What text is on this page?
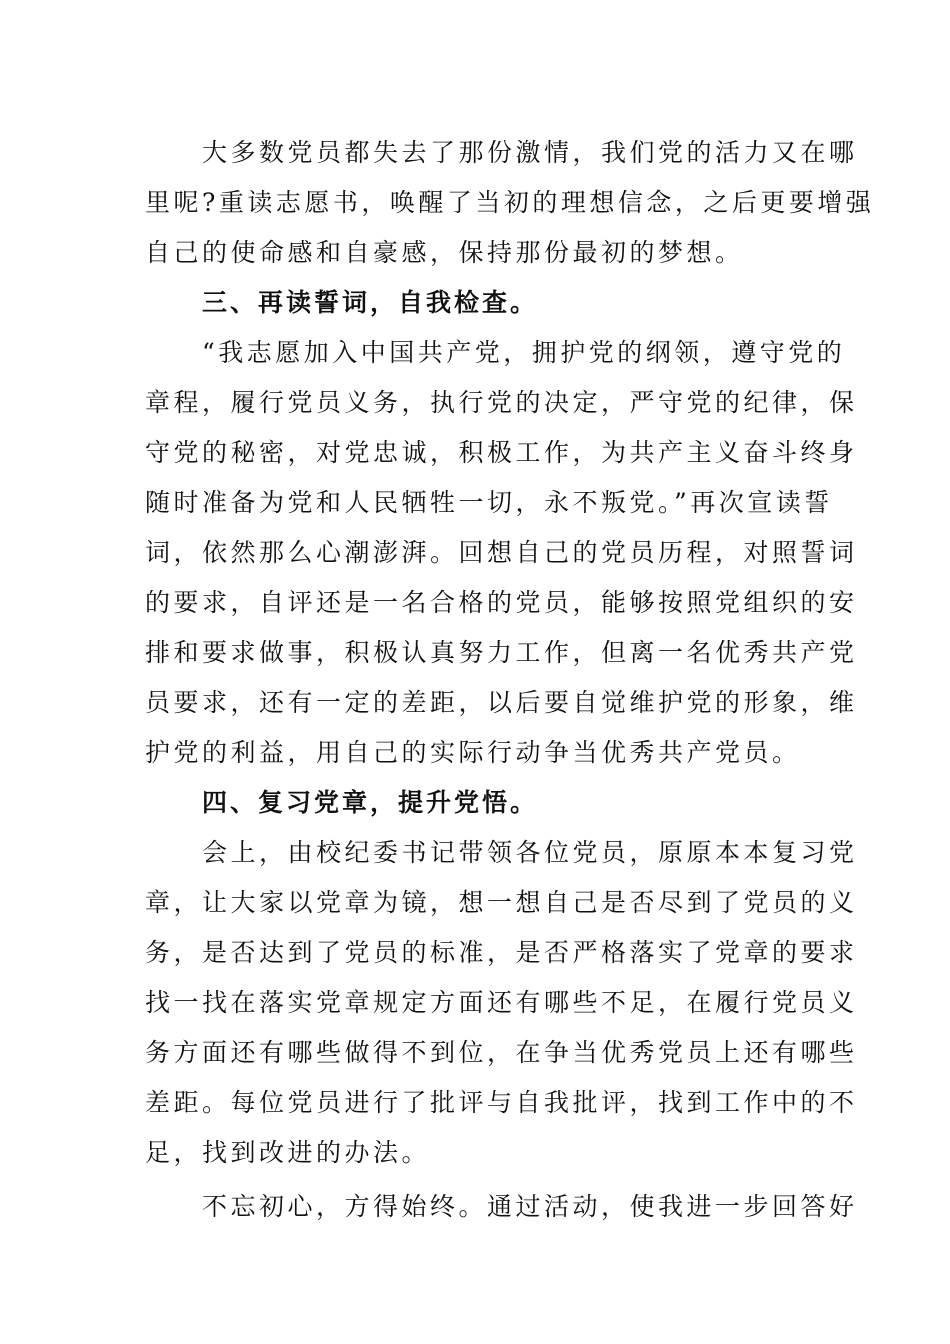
大多数党员都失去了那份激情，我们党的活力又在哪
里呢?重读志愿书，唤醒了当初的理想信念，之后更要增强
自己的使命感和自豪感，保持那份最初的梦想。

三、再读誓词，自我检查。

“我志愿加入中国共产党，拥护党的纲领，遵守党的
章程，履行党员义务，执行党的决定，严守党的纪律，保
守党的秘密，对党忠诚，积极工作，为共产主义奋斗终身
随时准备为党和人民牺牲一切，永不叛党。”再次宣读誓
词，依然那么心潮澎湃。回想自己的党员历程，对照誓词
的要求，自评还是一名合格的党员，能够按照党组织的安
排和要求做事，积极认真努力工作，但离一名优秀共产党
员要求，还有一定的差距，以后要自觉维护党的形象，维
护党的利益，用自己的实际行动争当优秀共产党员。

四、复习党章，提升党悟。

会上，由校纪委书记带领各位党员，原原本本复习党
章，让大家以党章为镜，想一想自己是否尽到了党员的义
务，是否达到了党员的标准，是否严格落实了党章的要求
找一找在落实党章规定方面还有哪些不足，在履行党员义
务方面还有哪些做得不到位，在争当优秀党员上还有哪些
差距。每位党员进行了批评与自我批评，找到工作中的不
足，找到改进的办法。

不忘初心，方得始终。通过活动，使我进一步回答好
